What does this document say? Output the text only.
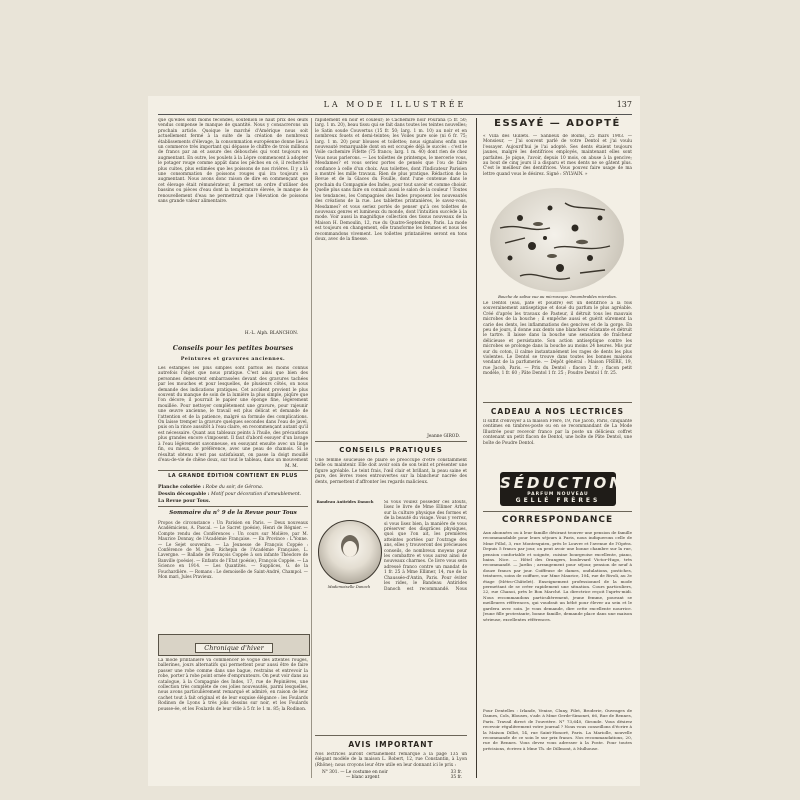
LA MODE ILLUSTRÉE	137
que qu'elles sont moins fécondes, soutenion le haut prix des œufs vendus compense le manque de quantité. Nous y consacrerons un prochain article. Quoique le marché d'Amérique nous soit actuellement fermé à la suite de la création de nombreux établissements d'élevage, la consommation européenne donne lieu à un commerce très important qui dépasse le chiffre de trois millions de francs par an et assure des débouchés qui vont toujours en augmentant. En outre, les poulets à la Lèpre commencent à adopter le potager rouge comme appât dans les pêches en cé, il recherché plus cuites, plus estimées que les poissons de nos rivières. Il y a là une consommation de poissons rouges qui ira toujours en augmentant. Nous avons donc raison de dire en commençant que cet élevage était rémunérateur, il permet un ordre d'utiliser des bassins ou pièces d'eau dont la température élevée, le manque de renouvellement d'eau ne permettrait que l'élevation de poissons sans grande valeur alimentaire.
H.-L. Alph. BLANCHON.
Conseils pour les petites bourses
Peintures et gravures anciennes.
Les estampes les plus simples sont parfois les moins connus autrefois l'objet que nous pratique. C'est ainsi que bien des personnes demeurent embarrassées devant des gravures tachées par les mouches et pour lesquelles, de plusieurs côtés, on nous demande des indications pratiques. Cet accident provient le plus souvent du manque de soin de la lumière la plus simple, piqûre que l'on décore; il pourrait le papier une éponge fine, légèrement mouillée. Pour nettoyer complètement une gravure, pour rajeunir une œuvre ancienne, le travail est plus délicat et demande de l'attention et de la patience, malgré sa formule des complications. On laisse tremper la gravure quelques secondes dans l'eau de javel, puis on la rince aussitôt à l'eau claire, en recommençant autant qu'il est nécessaire. Quant aux tableaux peints à l'huile, des précautions plus grandes encore s'imposent. Il faut d'abord essuyer d'un lavage à l'eau légèrement savonneuse, en essuyant ensuite avec un linge fin, ou mieux, de préférence, avec une peau de chamois. Si le résultat obtenu n'est pas satisfaisant, on passe la doigt mouillé d'eau-de-vie de chêne doux, sur tout le tableau, dans un mouvement
M. M.
LA GRANDE ÉDITION CONTIENT EN PLUS
Planche coloriée : Robe du soir, de Gérona.
Dessin découpable : Motif pour décoration d'ameublement.
La Revue pour Tous.
Sommaire du n° 9 de la Revue pour Tous
Propos de circonstance : Un Parisien en Paris. — Deux nouveaux Académiciens, A. Pascal. — Le Sacret (poésie), Henri de Régnier. — Compte rendu des Conférences : Un cours sur Molière, par M. Maurice Donnay, de l'Académie Française. — En Province : L'Yonne. — Le Sejet souvenirs. — La Jeunesse de François Coppée : Conférence de M. Jean Richepin de l'Académie Française, L. Lavergne. — Ballade de François Coppée à son infante Théodore de Banville (poésie). — Enfants de l'Etat (poésie), François Coppée. — La Science en 1914. — Les Quantités. — Supplices, G. de la Fouchardière. — Romans : Le demoiselle de Saint-André, Champol. — Mon mari, Jules Pravieux.
Chronique d'hiver
La mode printanière va commencer le vogue des attentes rouges, ballerines, jours alternatifs qui permettent pour aussi être de faire passer une robe comme dans une bague, restrains et entrevoir la robe, porter à robe point ornée d'emprunteurs. On peut voir dans au catalogue, à la Compagnie des Indes, 17, rue de Pepinières, une collection très complète de ces jolies nouveautés, parmi lesquelles, nous avons particulièrement remarqué et admiré, en raison de leur cachet tout à fait original et de leur exquise élégance : les Foulards Rodinon de Lyons à très jolis dessins sur noir, et les Foulards pousse-ée, et les Foulards de leur ville à 5 fr. le 1 m. 85; la Rodinon.
rapidement en noir et couleur; le Cachemire noir Pourana (5 fr. 50; larg. 1 m. 20), beau tissu qui se fait dans toutes les teintes nouvelles; le Satin soude Couvertus (15 fr. 50; larg. 1 m. 10) au noir et en nombreux fouets et demi-teintes; les Voiles pure soie (ni 6 fr. 75; larg. 1 m. 20) pour blouses et toilettes; nous signalons enfin une nouveauté remarquable dont on est occupée déjà le succès : c'est le Voile cachemire Fifette (75 francs; larg. 1 m. 40) dont rien de chez Vous nous parlerons. — Les toilettes de printemps, le mercerie vous, Mesdames? et vous seriez portes de pensés que l'ou de faire confiance à celle d'un choix. Aux toilettes, dont l'Indicateur Parisien a montré les mille travaux. Rien de plus pratique. Rédaction de la Revue et de la Glaces du Fouille, dont l'une contenue dans le prochain du Compagnie des Indes, pour tout savoir et comme choisir. Quelle plus sans faire on connait aussi le salon de la couleur ! Toutes les tendances, les Compagnies des Indes proposent les nouveautés des créations de la rue. Les tablettes printanières, le savez-vous, Mesdames? et vous seriez portés de penser qu'à ces toilettes de nouveaux genres et lumineux du monde, dont l'intuition succède à la mode. Voir aussi la magnifique collection des tissus nouveaux de la Maison H. Demoulin, 12, rue du Quatre-Septembre, Paris. La mode est toujours en changement, elle transforme les femmes et nous les recommandons vivement. Les toilettes printanières seront en tons doux, avec de la finesse.
Jeanne GIROD.
CONSEILS PRATIQUES
Une femme soucieuse de plaire se préoccupe d'être constamment belle ou maintenir. Elle doit avoir soin de son teint et présenter une figure agréable. Le teint frais, l'œil clair et brillant, la peau saine et pure, des lèvres roses entrouvertes sur la blancheur nacrée des dents, permettent d'affronter les regards malicieux.
Bandeau Antirides Danoch
Mademoiselle Danoch
Si vous voulez posséder ces atouts, lisez le livre de Mme Ellimer Arbar sur la culture physique des formes et de la beauté du visage. Vous y verrez, si vous lisez bien, la manière de vous préserver des disgrâces physiques, quoi que l'on ait, les premières atteintes portées par l'outrage des ans, elles y trouveront des précieuses conseils, de nombreux moyens pour les combattre et vous aurez ainsi de nouveaux charmes. Ce livre vous sera adressé franco contre un mandat de 1 fr. 25 à Mme Ellimer, 14, rue de la Chaussée-d'Antin, Paris. Pour éviter les rides, le Bandeau Antirides Danoch est recommandé. Nous
AVIS IMPORTANT
Nos lectrices auront certainement remarqué à la page 135 un élégant modèle de la maison L. Robert, 12, rue Constantin, à Lyon (Rhône); nous croyons leur être utile en leur donnant ici le prix :
N° 301. — Le costume en noir	33 fr.
— blanc argent	35 fr.
ESSAYÉ — ADOPTÉ
« Villa des Œillets. — Sanlieux de Boims, 25 mars 1903. — Monsieur, — J'ai souvent parlé de votre Dentol et j'ai voulu l'essayer. Aujourd'hui je l'ai adopté. Ses dents étaient toujours jaunes, malgré les dentifrices employés, maintenant elles sont parfaites. Je pique, l'avoir, depuis 10 mois, on abuse à la gencive; au bout de cinq jours il a disparu et mes dents ne se gâtent plus. C'est le meilleur des dentifrices. Vous pouvez faire usage de ma lettre quand vous le désirez. Signé : SYLVAIN. »
Bouche de saliva vue au microscope. Innombrables microbes.
Le Dentol (eau, pâte et poudre) est un dentifrice à la fois souverainement antiseptique et doué du parfum le plus agréable. Créé d'après les travaux de Pasteur, il détruit tous les mauvais microbes de la bouche ; il empêche aussi et guérit sûrement la carie des dents, les inflammations des gencives et de la gorge. En peu de jours, il donne aux dents une blancheur éclatante et détruit le tartre. Il laisse dans la bouche une sensation de fraîcheur délicieuse et persistante. Son action antiseptique contre les microbes se prolonge dans la bouche au moins 24 heures. Mis pur sur du coton, il calme instantanément les rages de dents les plus violentes. Le Dentol se trouve dans toutes les bonnes maisons vendant de la parfumerie. — Dépôt général : Maison FRÈRE, 19, rue Jacob, Paris. — Prix du Dentol : flacon 2 fr. ; flacon petit modèle, 1 fr. 60 ; Pâte Dentol 1 fr. 25 ; Poudre Dentol 1 fr. 25.
CADEAU A NOS LECTRICES
Il suffit d'envoyer à la maison Frère, 19, rue Jacob, Paris, cinquante centimes en timbres-poste ou en se recommandant de La Mode Illustrée pour recevoir franco par la poste un délicieux coffret contenant un petit flacon de Dentol, une boîte de Pâte Dentol, une boîte de Poudre Dentol.
SÉDUCTION
PARFUM NOUVEAU
GELLÉ FRÈRES
CORRESPONDANCE
Aux abonnées ou à leur famille désirant trouver une pension de famille recommandable pour leurs séjours à Paris, nous indiquerons celle de Mme Fillol, 3, rue Montesquieu, près le Louvre et l'avenue de l'Opéra. Depuis 5 francs par jour, on peut avoir une bonne chambre sur la rue, pension confortable et soignée, cuisine bourgeoise excellente, piano, bains. Nice. — Hôtel des Orangers, boulevard Victor-Hugo, très recommandé. — Jardin ; arrangement pour séjour, pension de neuf à douze francs par jour. Coiffeuse de dames, ondulations, postiches, teintures, soins de coiffure, sur Mme Maurice, 104, rue de Rivoli, au 3e étage (Métro-Châtelet). Enseignement professionnel de la mode permettant de se créer rapidement une situation. Cours particuliers, 22, rue Chanoi, près le Bon Marché. La directrice reçoit l'après-midi. Nous recommandons particulièrement, jeune femme, pouvant se meilleures références, qui voudrait un bébé pour élever au sein et le gardera avec soin. Je vous demande, dire cette excellente nourrice. Jeune fille protestante, bonne famille, demande place dans une maison sérieuse, excellentes références.
Pour Dentelles : Irlande, Venise, Cluny, Filet, Broderie, Ouvrages de Dames, Cols, Blouses, s'adr. à Mme Gerde-Simonet, 66, Rue de Rennes, Paris. Travail direct de l'ouvrière. N° 73,640, Gironde. Vous désirez recevoir régulièrement votre journal ? Nous vous conseillons d'écrire à la Maison Dillot, 14, rue Saint-Honoré, Paris. La Mariolle, nouvelle recommande de ce soin le sur prix francs. Nos recommandations, 20, rue de Rennes. Vous devez vous adresser à la Poste. Pour toutes précisions, écrivez à Mme Th. de Dillmont, à Mulhouse.
